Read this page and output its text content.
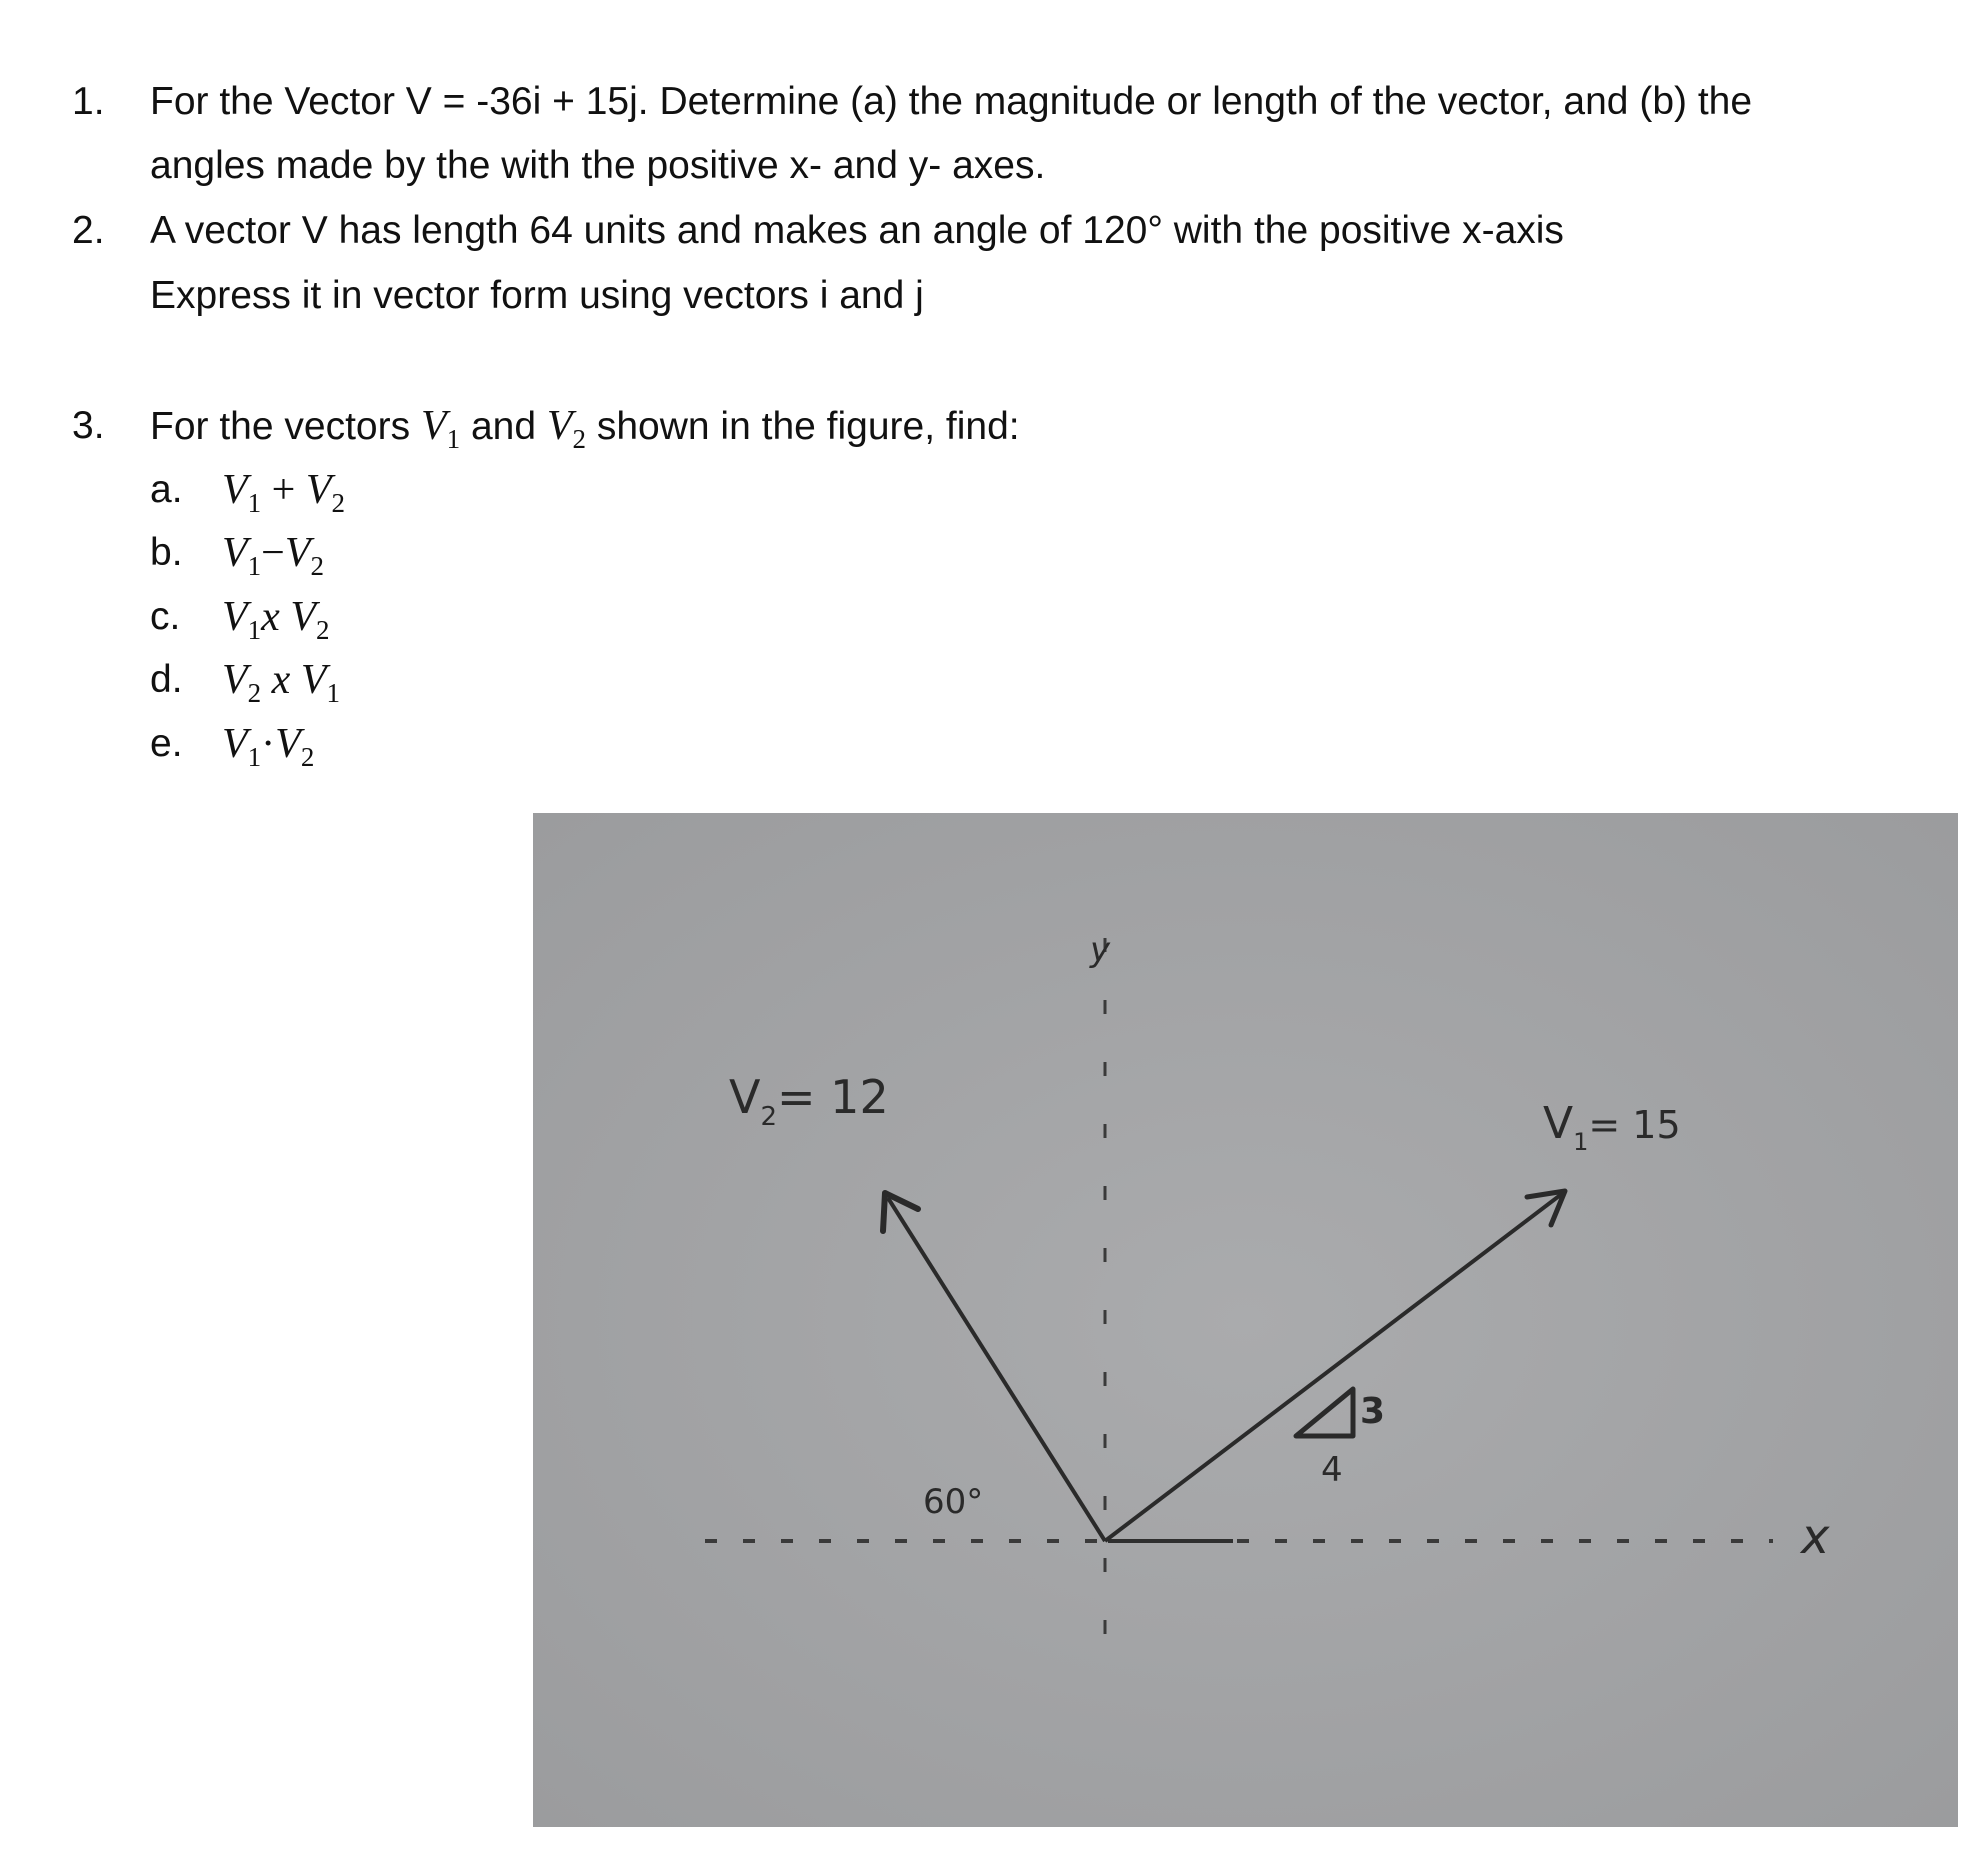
1. For the Vector V = -36i + 15j. Determine (a) the magnitude or length of the vector, and (b) the
angles made by the with the positive x- and y- axes.
2. A vector V has length 64 units and makes an angle of 120° with the positive x-axis
Express it in vector form using vectors i and j
3. For the vectors $V_1$ and $V_2$ shown in the figure, find:
a. $V_1 + V_2$
b. $V_1-V_2$
c. $V_1x$ $V_2$
d. $V_2$ x $V_1$
e. $V_1\cdot V_2$
y
x
$V_2= 12$
60°
$V_1= 15$
3
4
